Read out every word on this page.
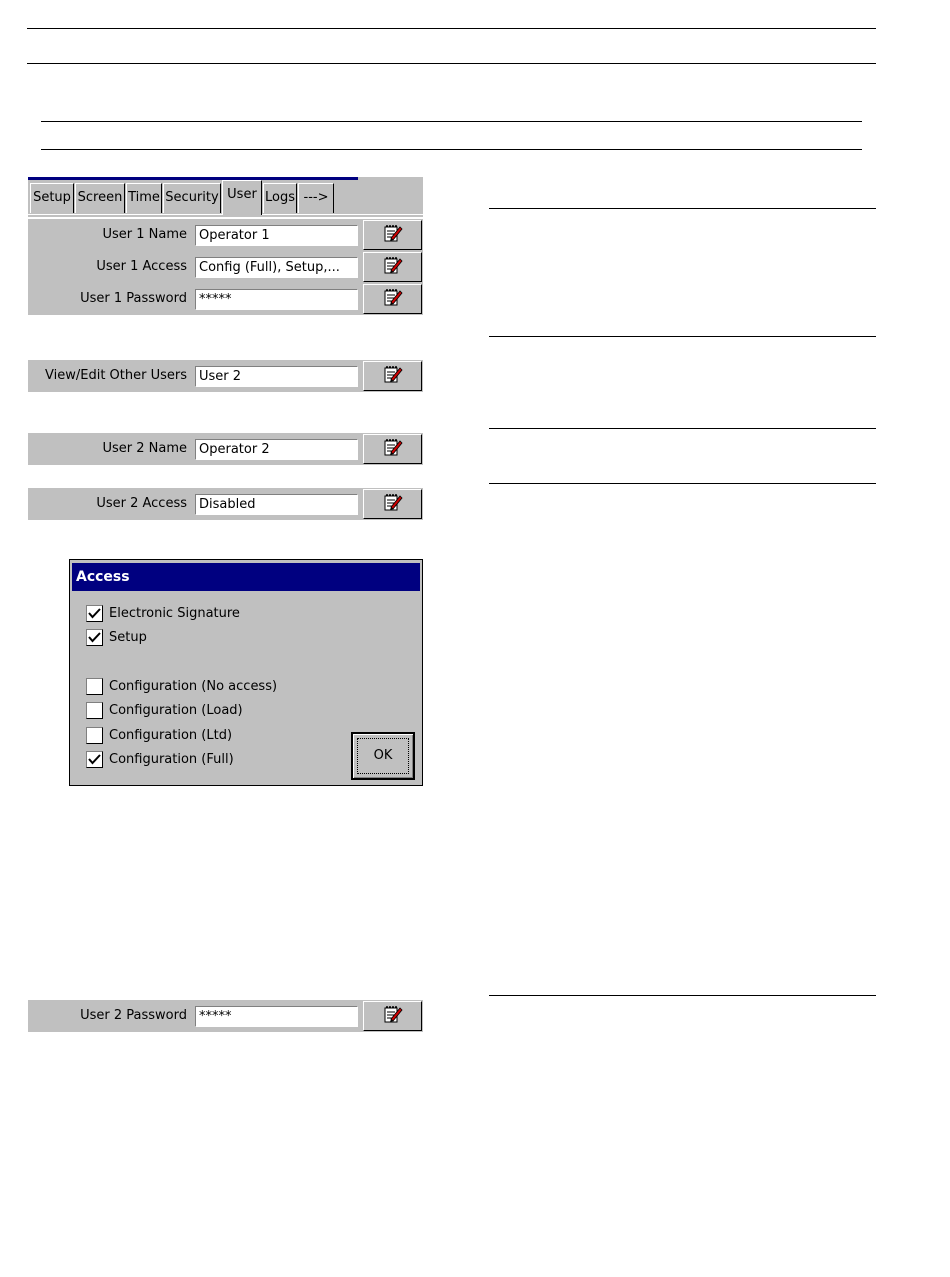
Setup Screen Time Security User Logs --->
User 1 Name Operator 1
User 1 Access Config (Full), Setup,...
User 1 Password *****
View/Edit Other Users User 2
User 2 Name Operator 2
User 2 Access Disabled
Access
Electronic Signature
Setup
Configuration (No access)
Configuration (Load)
Configuration (Ltd)
Configuration (Full)	OK
User 2 Password *****
